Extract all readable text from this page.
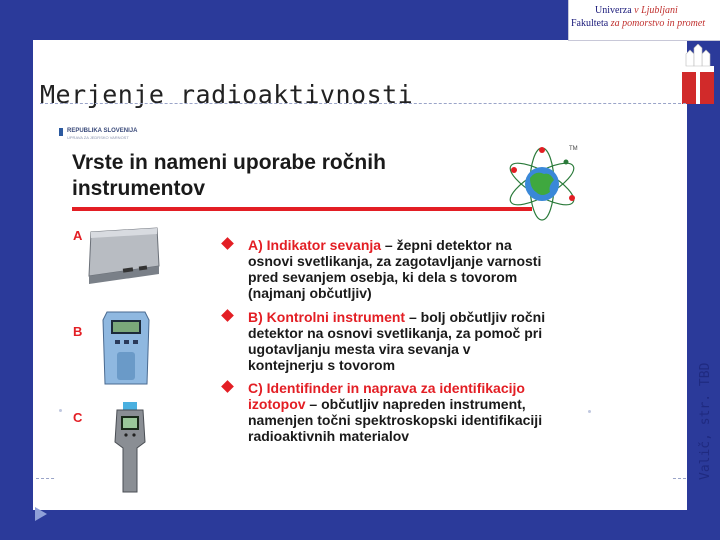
Univerza v Ljubljani
Fakulteta za pomorstvo in promet
Merjenje radioaktivnosti
Valič, str. TBD
REPUBLIKA SLOVENIJA
UPRAVA ZA JEDRSKO VARNOST
Vrste in nameni uporabe ročnih
instrumentov
TM
A
B
C
A) Indikator sevanja – žepni detektor na
osnovi svetlikanja, za zagotavljanje varnosti
pred sevanjem osebja, ki dela s tovorom
(najmanj občutljiv)
B) Kontrolni instrument – bolj občutljiv ročni
detektor na osnovi svetlikanja, za pomoč pri
ugotavljanju mesta vira sevanja v
kontejnerju s tovorom
C) Identifinder in naprava za identifikacijo
izotopov – občutljiv napreden instrument,
namenjen točni spektroskopski identifikaciji
radioaktivnih materialov
